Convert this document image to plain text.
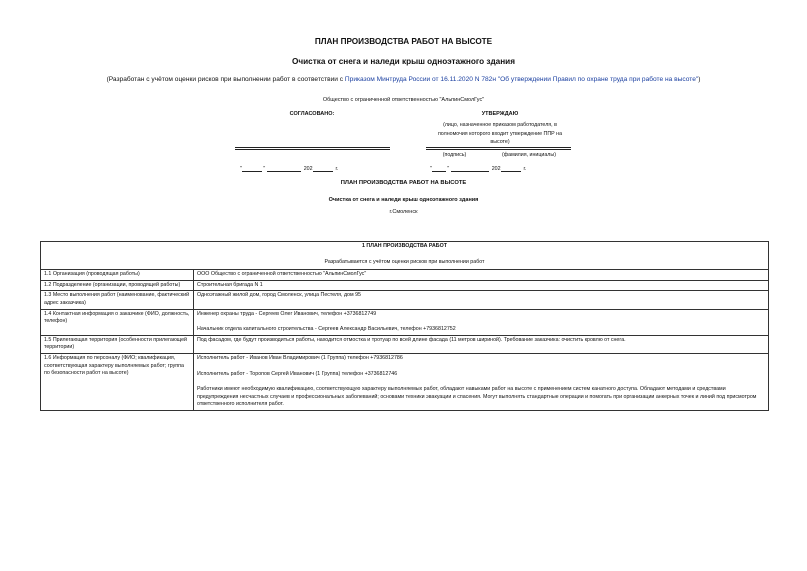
ПЛАН ПРОИЗВОДСТВА РАБОТ НА ВЫСОТЕ
Очистка от снега и наледи крыш одноэтажного здания
(Разработан с учётом оценки рисков при выполнении работ в соответствии с Приказом Минтруда России от 16.11.2020 N 782н "Об утверждении Правил по охране труда при работе на высоте")
Общество с ограниченной ответственностью "АльпинСмолГус"
СОГЛАСОВАНО:	УТВЕРЖДАЮ
(лицо, назначенное приказом работодателя, в полномочия которого входит утверждение ППР на высоте)
(подпись)	(фамилия, инициалы)
"	"	202	г.	"	"	202	г.
ПЛАН ПРОИЗВОДСТВА РАБОТ НА ВЫСОТЕ
Очистка от снега и наледи крыш одноэтажного здания
г.Смоленск
1 ПЛАН ПРОИЗВОДСТВА РАБОТ
Разрабатывается с учётом оценки рисков при выполнении работ	

1.1 Организация (проводящая работы)	ООО Общество с ограниченной ответственностью "АльпинСмолГус"
1.2 Подразделение (организации, проводящей работы)	Строительная бригада N 1
1.3 Место выполнения работ (наименование, фактический адрес заказчика)	Одноэтажный жилой дом, город Смоленск, улица Пестеля, дом 95
1.4 Контактная информация о заказчике (ФИО, должность, телефон)	Инженер охраны труда - Сергеев Олег Иванович, телефон +3736812749
Начальник отдела капитального строительства - Сергеев Александр Васильевич, телефон +7936812752

1.5 Прилегающая территория (особенности прилегающей территории)	Под фасадом, где будут производиться работы, находится отмостка и тротуар по всей длине фасада (11 метров шириной). Требование заказчика: очистить кровлю от снега.
1.6 Информация по персоналу (ФИО; квалификация, соответствующая характеру выполняемых работ; группа по безопасности работ на высоте)	Исполнитель работ - Иванов Иван Владимирович (1 Группа) телефон +7936812786
Исполнитель работ - Торопов Сергей Иванович (1 Группа) телефон +3736812746
Работники имеют необходимую квалификацию, соответствующую характеру выполняемых работ, обладают навыками работ на высоте с применением систем канатного доступа. Обладают методами и средствами предупреждения несчастных случаев и профессиональных заболеваний; основами техники эвакуации и спасения. Могут выполнять стандартные операции и помогать при организации анкерных точек и линий под присмотром ответственного исполнителя работ.
